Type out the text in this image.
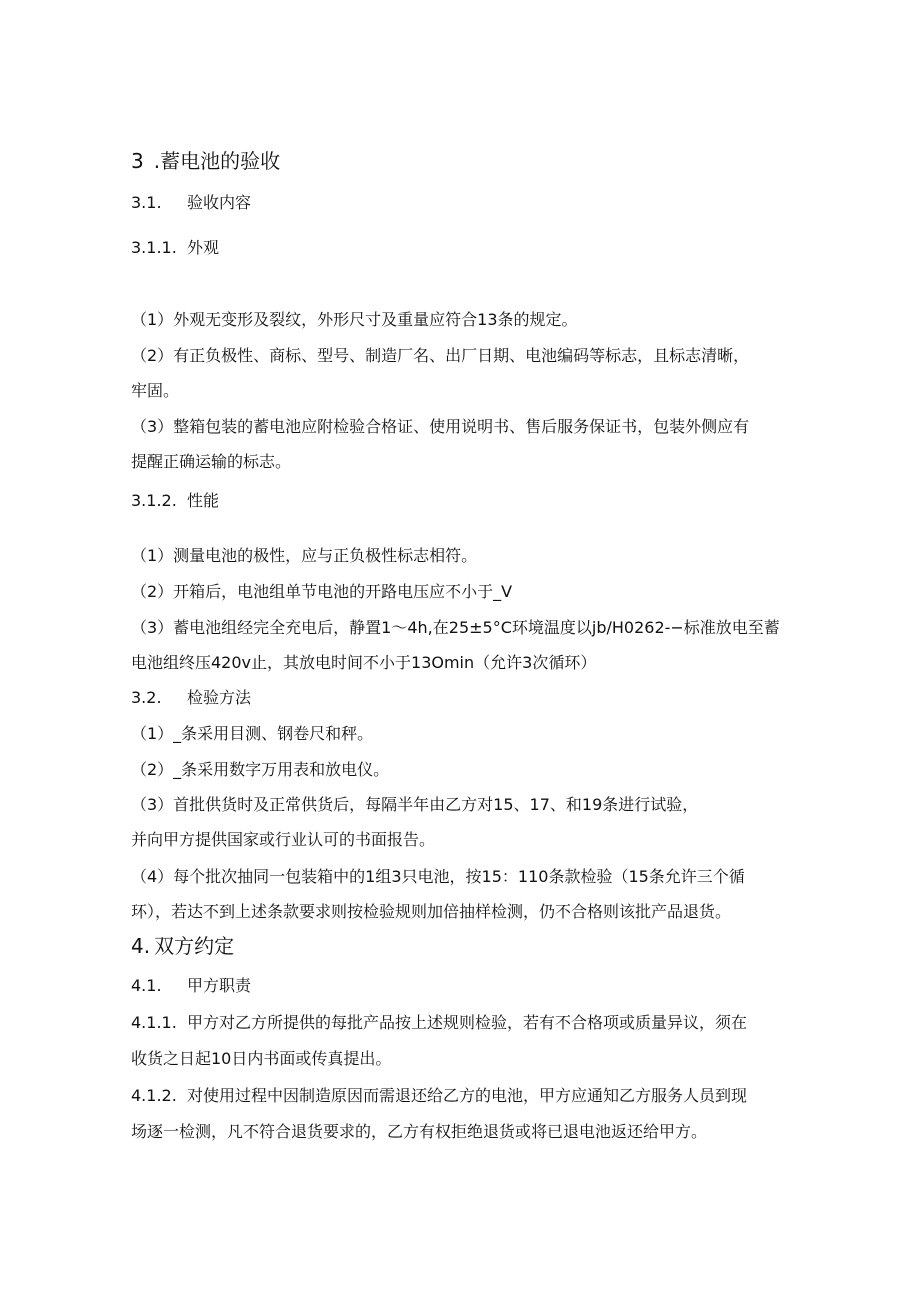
3 .蓄电池的验收
3.1. 验收内容
3.1.1. 外观
（1）外观无变形及裂纹，外形尺寸及重量应符合13条的规定。
（2）有正负极性、商标、型号、制造厂名、出厂日期、电池编码等标志，且标志清晰，
牢固。
（3）整箱包装的蓄电池应附检验合格证、使用说明书、售后服务保证书，包装外侧应有
提醒正确运输的标志。
3.1.2. 性能
（1）测量电池的极性，应与正负极性标志相符。
（2）开箱后，电池组单节电池的开路电压应不小于_V
（3）蓄电池组经完全充电后，静置1～4h,在25±5°C环境温度以jb∕H0262-−标准放电至蓄
电池组终压420v止，其放电时间不小于13Omin（允许3次循环）
3.2. 检验方法
（1）_条采用目测、钢卷尺和秤。
（2）_条采用数字万用表和放电仪。
（3）首批供货时及正常供货后，每隔半年由乙方对15、17、和19条进行试验，
并向甲方提供国家或行业认可的书面报告。
（4）每个批次抽同一包装箱中的1组3只电池，按15：110条款检验（15条允许三个循
环），若达不到上述条款要求则按检验规则加倍抽样检测，仍不合格则该批产品退货。
4. 双方约定
4.1. 甲方职责
4.1.1. 甲方对乙方所提供的每批产品按上述规则检验，若有不合格项或质量异议，须在
收货之日起10日内书面或传真提出。
4.1.2. 对使用过程中因制造原因而需退还给乙方的电池，甲方应通知乙方服务人员到现
场逐一检测，凡不符合退货要求的，乙方有权拒绝退货或将已退电池返还给甲方。
